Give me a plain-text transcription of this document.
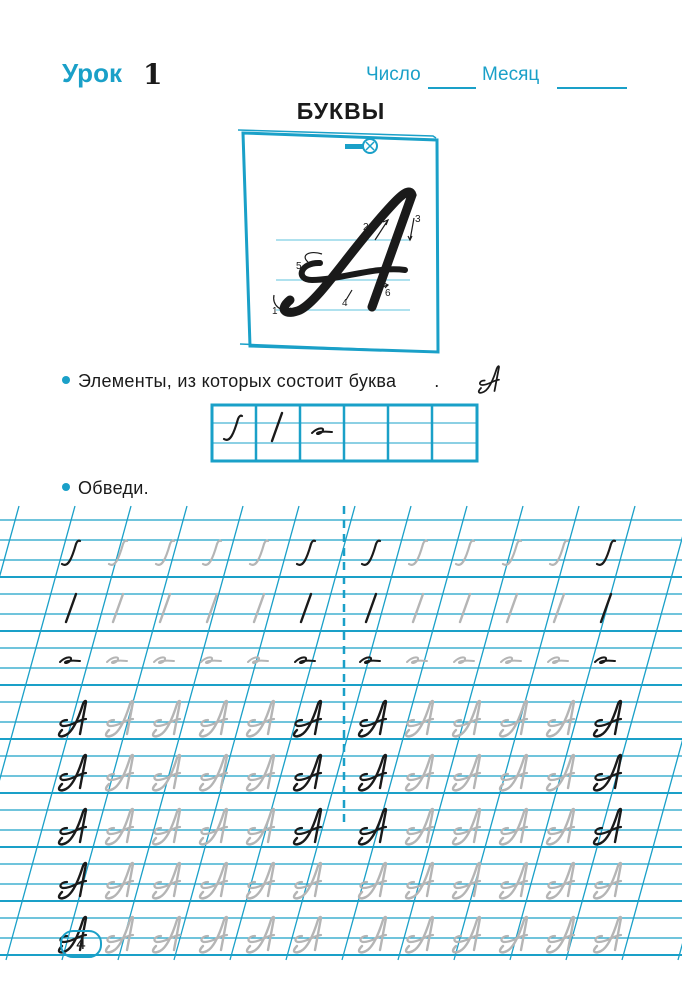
Урок 1	Число	Месяц
БУКВЫ
1
2
3
4
5
6
Элементы, из которых состоит буква .
Обведи.
4
